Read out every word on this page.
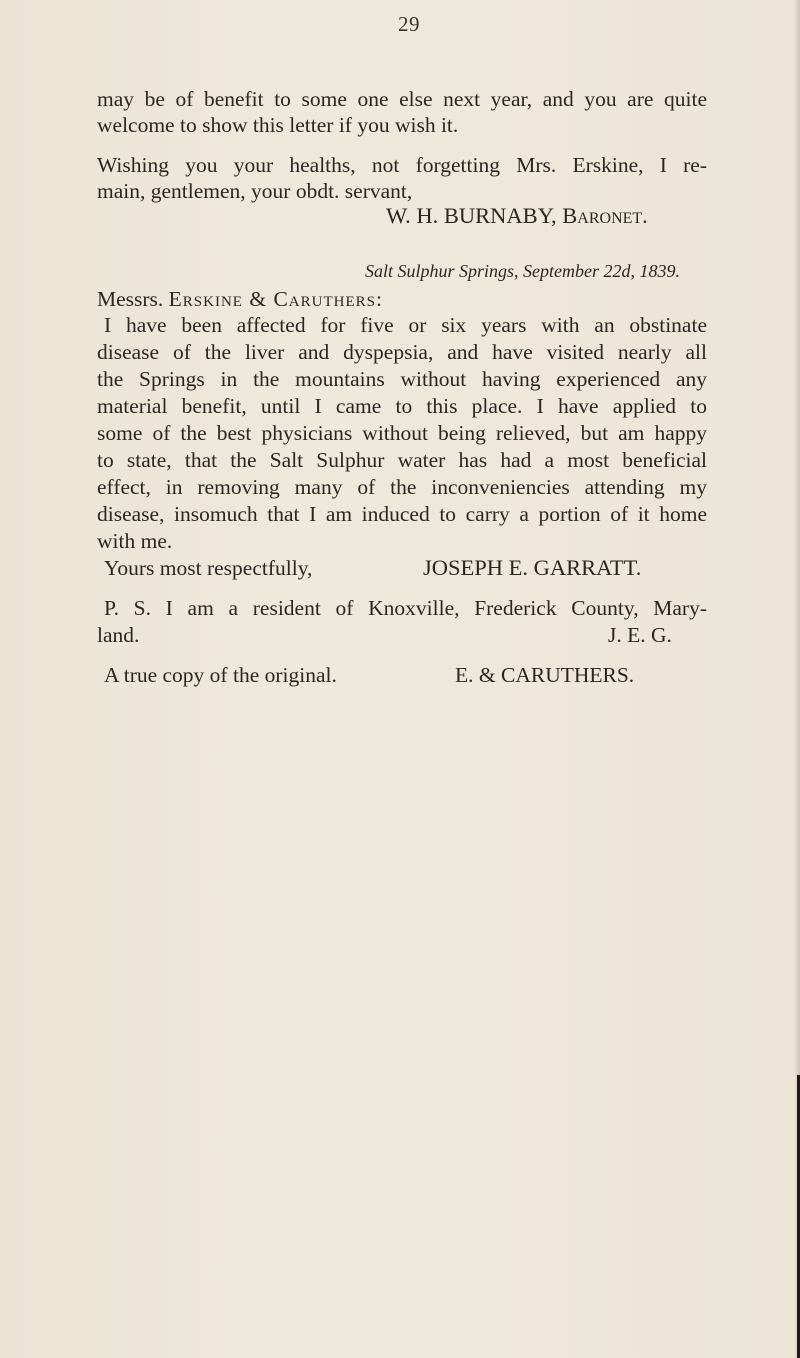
29
may be of benefit to some one else next year, and you are quite
welcome to show this letter if you wish it.
Wishing you your healths, not forgetting Mrs. Erskine, I re-
main, gentlemen, your obdt. servant,
W. H. BURNABY, Baronet.
Salt Sulphur Springs, September 22d, 1839.
Messrs. Erskine & Caruthers:
I have been affected for five or six years with an obstinate
disease of the liver and dyspepsia, and have visited nearly all
the Springs in the mountains without having experienced any
material benefit, until I came to this place. I have applied to
some of the best physicians without being relieved, but am happy
to state, that the Salt Sulphur water has had a most beneficial
effect, in removing many of the inconveniencies attending my
disease, insomuch that I am induced to carry a portion of it home
with me.
Yours most respectfully,	JOSEPH E. GARRATT.
P. S. I am a resident of Knoxville, Frederick County, Mary-
land.	J. E. G.
A true copy of the original.	E. & CARUTHERS.
